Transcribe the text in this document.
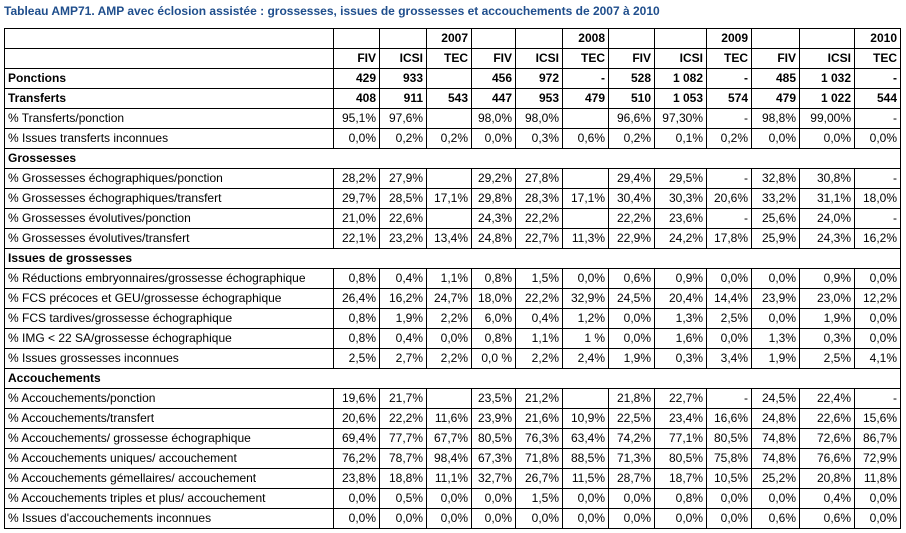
Tableau AMP71. AMP avec éclosion assistée : grossesses, issues de grossesses et accouchements de 2007 à 2010
			2007			2008			2009			2010
	FIV	ICSI	TEC	FIV	ICSI	TEC	FIV	ICSI	TEC	FIV	ICSI	TEC
Ponctions	429	933		456	972	-	528	1 082	-	485	1 032	-
Transferts	408	911	543	447	953	479	510	1 053	574	479	1 022	544
% Transferts/ponction	95,1%	97,6%		98,0%	98,0%		96,6%	97,30%	-	98,8%	99,00%	-
% Issues transferts inconnues	0,0%	0,2%	0,2%	0,0%	0,3%	0,6%	0,2%	0,1%	0,2%	0,0%	0,0%	0,0%
Grossesses												
% Grossesses échographiques/ponction	28,2%	27,9%		29,2%	27,8%		29,4%	29,5%	-	32,8%	30,8%	-
% Grossesses échographiques/transfert	29,7%	28,5%	17,1%	29,8%	28,3%	17,1%	30,4%	30,3%	20,6%	33,2%	31,1%	18,0%
% Grossesses évolutives/ponction	21,0%	22,6%		24,3%	22,2%		22,2%	23,6%	-	25,6%	24,0%	-
% Grossesses évolutives/transfert	22,1%	23,2%	13,4%	24,8%	22,7%	11,3%	22,9%	24,2%	17,8%	25,9%	24,3%	16,2%
Issues de grossesses												
% Réductions embryonnaires/grossesse échographique	0,8%	0,4%	1,1%	0,8%	1,5%	0,0%	0,6%	0,9%	0,0%	0,0%	0,9%	0,0%
% FCS précoces et GEU/grossesse échographique	26,4%	16,2%	24,7%	18,0%	22,2%	32,9%	24,5%	20,4%	14,4%	23,9%	23,0%	12,2%
% FCS tardives/grossesse échographique	0,8%	1,9%	2,2%	6,0%	0,4%	1,2%	0,0%	1,3%	2,5%	0,0%	1,9%	0,0%
% IMG < 22 SA/grossesse échographique	0,8%	0,4%	0,0%	0,8%	1,1%	1 %	0,0%	1,6%	0,0%	1,3%	0,3%	0,0%
% Issues grossesses inconnues	2,5%	2,7%	2,2%	0,0 %	2,2%	2,4%	1,9%	0,3%	3,4%	1,9%	2,5%	4,1%
Accouchements												
% Accouchements/ponction	19,6%	21,7%		23,5%	21,2%		21,8%	22,7%	-	24,5%	22,4%	-
% Accouchements/transfert	20,6%	22,2%	11,6%	23,9%	21,6%	10,9%	22,5%	23,4%	16,6%	24,8%	22,6%	15,6%
% Accouchements/ grossesse échographique	69,4%	77,7%	67,7%	80,5%	76,3%	63,4%	74,2%	77,1%	80,5%	74,8%	72,6%	86,7%
% Accouchements uniques/ accouchement	76,2%	78,7%	98,4%	67,3%	71,8%	88,5%	71,3%	80,5%	75,8%	74,8%	76,6%	72,9%
% Accouchements gémellaires/ accouchement	23,8%	18,8%	11,1%	32,7%	26,7%	11,5%	28,7%	18,7%	10,5%	25,2%	20,8%	11,8%
% Accouchements triples et plus/ accouchement	0,0%	0,5%	0,0%	0,0%	1,5%	0,0%	0,0%	0,8%	0,0%	0,0%	0,4%	0,0%
% Issues d'accouchements inconnues	0,0%	0,0%	0,0%	0,0%	0,0%	0,0%	0,0%	0,0%	0,0%	0,6%	0,6%	0,0%
